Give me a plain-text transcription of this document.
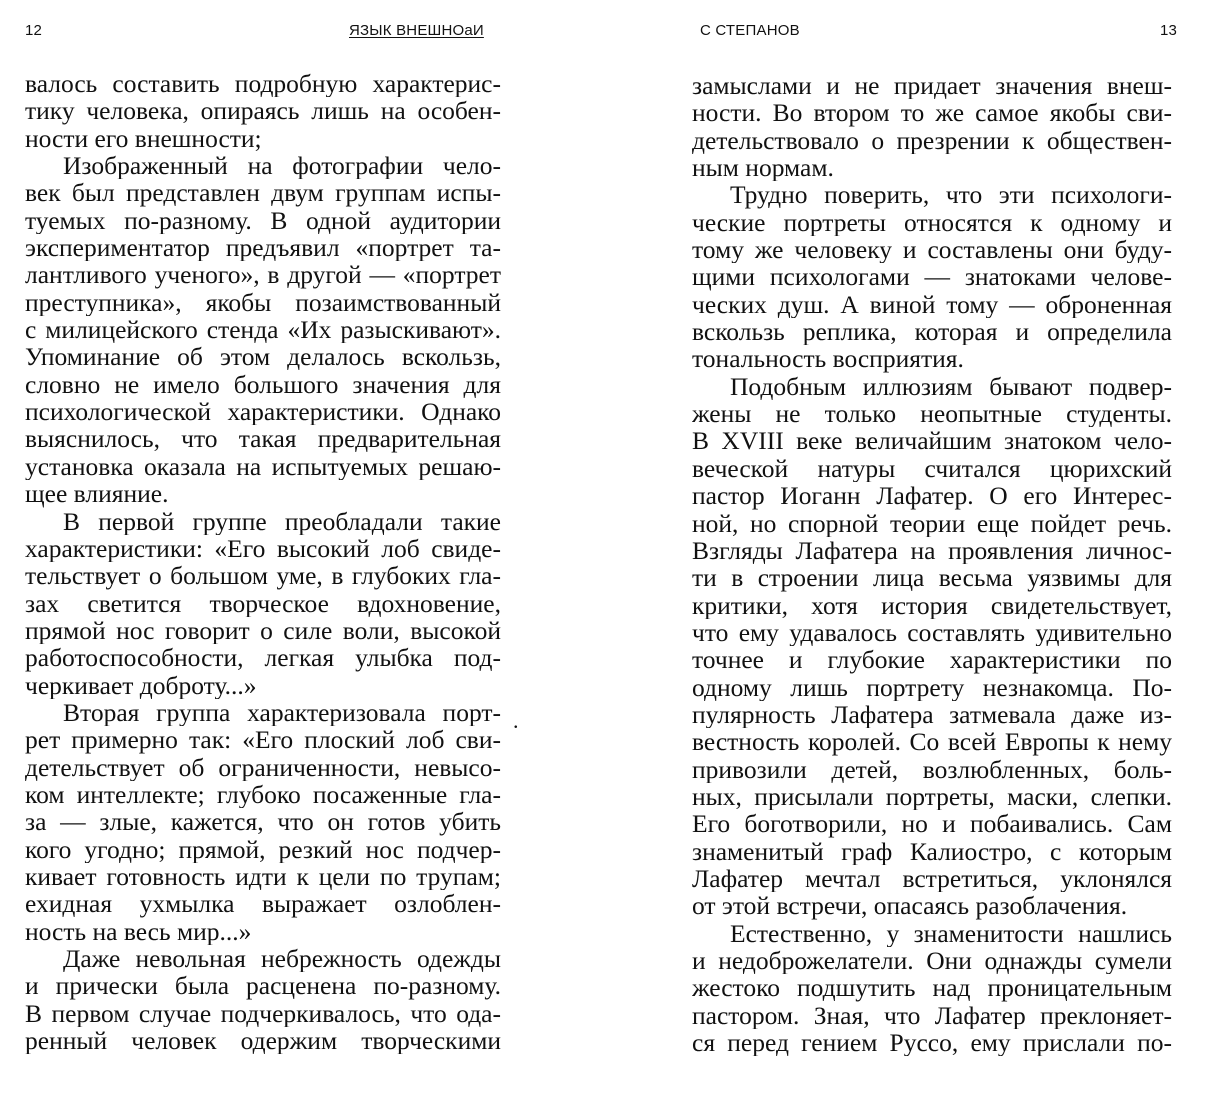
12	ЯЗЫК ВНЕШНОаИ	С СТЕПАНОВ	13
валось составить подробную характерис-
тику человека, опираясь лишь на особен-
ности его внешности;
Изображенный на фотографии чело-
век был представлен двум группам испы-
туемых по-разному. В одной аудитории
экспериментатор предъявил «портрет та-
лантливого ученого», в другой — «портрет
преступника», якобы позаимствованный
с милицейского стенда «Их разыскивают».
Упоминание об этом делалось вскользь,
словно не имело большого значения для
психологической характеристики. Однако
выяснилось, что такая предварительная
установка оказала на испытуемых решаю-
щее влияние.
В первой группе преобладали такие
характеристики: «Его высокий лоб свиде-
тельствует о большом уме, в глубоких гла-
зах светится творческое вдохновение,
прямой нос говорит о силе воли, высокой
работоспособности, легкая улыбка под-
черкивает доброту...»
Вторая группа характеризовала порт-
рет примерно так: «Его плоский лоб сви-
детельствует об ограниченности, невысо-
ком интеллекте; глубоко посаженные гла-
за — злые, кажется, что он готов убить
кого угодно; прямой, резкий нос подчер-
кивает готовность идти к цели по трупам;
ехидная ухмылка выражает озлоблен-
ность на весь мир...»
Даже невольная небрежность одежды
и прически была расценена по-разному.
В первом случае подчеркивалось, что ода-
ренный человек одержим творческими
замыслами и не придает значения внеш-
ности. Во втором то же самое якобы сви-
детельствовало о презрении к обществен-
ным нормам.
Трудно поверить, что эти психологи-
ческие портреты относятся к одному и
тому же человеку и составлены они буду-
щими психологами — знатоками челове-
ческих душ. А виной тому — оброненная
вскользь реплика, которая и определила
тональность восприятия.
Подобным иллюзиям бывают подвер-
жены не только неопытные студенты.
В XVIII веке величайшим знатоком чело-
веческой натуры считался цюрихский
пастор Иоганн Лафатер. О его Интерес-
ной, но спорной теории еще пойдет речь.
Взгляды Лафатера на проявления личнос-
ти в строении лица весьма уязвимы для
критики, хотя история свидетельствует,
что ему удавалось составлять удивительно
точнее и глубокие характеристики по
одному лишь портрету незнакомца. По-
пулярность Лафатера затмевала даже из-
вестность королей. Со всей Европы к нему
привозили детей, возлюбленных, боль-
ных, присылали портреты, маски, слепки.
Его боготворили, но и побаивались. Сам
знаменитый граф Калиостро, с которым
Лафатер мечтал встретиться, уклонялся
от этой встречи, опасаясь разоблачения.
Естественно, у знаменитости нашлись
и недоброжелатели. Они однажды сумели
жестоко подшутить над проницательным
пастором. Зная, что Лафатер преклоняет-
ся перед гением Руссо, ему прислали по-
.
